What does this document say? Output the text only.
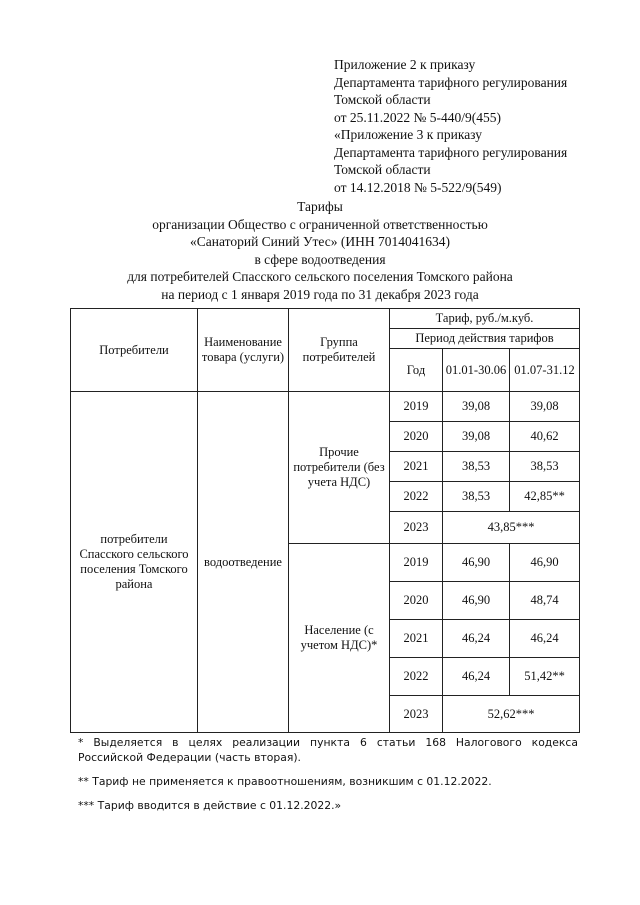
Приложение 2 к приказу
Департамента тарифного регулирования
Томской области
от 25.11.2022 № 5-440/9(455)
«Приложение 3 к приказу
Департамента тарифного регулирования
Томской области
от 14.12.2018 № 5-522/9(549)
Тарифы
организации Общество с ограниченной ответственностью
«Санаторий Синий Утес» (ИНН 7014041634)
в сфере водоотведения
для потребителей Спасского сельского поселения Томского района
на период с 1 января 2019 года по 31 декабря 2023 года
Потребители	Наименование товара (услуги)	Группа потребителей	Тариф, руб./м.куб.		
			Период действия тарифов		
			Год	01.01-30.06	01.07-31.12
потребители Спасского сельского поселения Томского района	водоотведение	Прочие потребители (без учета НДС)	2019	39,08	39,08
			2020	39,08	40,62
			2021	38,53	38,53
			2022	38,53	42,85**
			2023	43,85***	
		Население (с учетом НДС)*	2019	46,90	46,90
			2020	46,90	48,74
			2021	46,24	46,24
			2022	46,24	51,42**
			2023	52,62***	

* Выделяется в целях реализации пункта 6 статьи 168 Налогового кодекса Российской Федерации (часть вторая).

** Тариф не применяется к правоотношениям, возникшим с 01.12.2022.

*** Тариф вводится в действие с 01.12.2022.»
